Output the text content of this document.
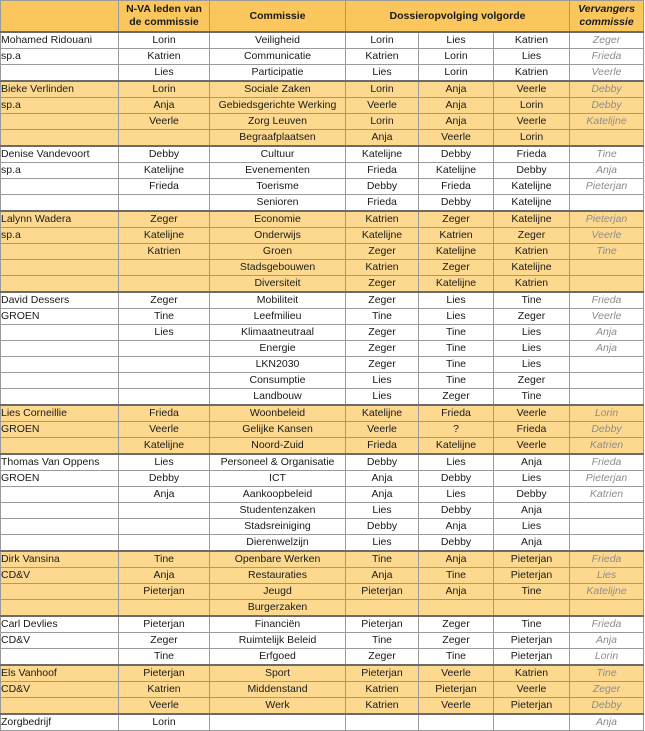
	N-VA leden van de commissie	Commissie	Dossieropvolging volgorde			Vervangers commissie
Mohamed Ridouani	Lorin	Veiligheid	Lorin	Lies	Katrien	Zeger
sp.a	Katrien	Communicatie	Katrien	Lorin	Lies	Frieda
	Lies	Participatie	Lies	Lorin	Katrien	Veerle
Bieke Verlinden	Lorin	Sociale Zaken	Lorin	Anja	Veerle	Debby
sp.a	Anja	Gebiedsgerichte Werking	Veerle	Anja	Lorin	Debby
	Veerle	Zorg Leuven	Lorin	Anja	Veerle	Katelijne
		Begraafplaatsen	Anja	Veerle	Lorin	
Denise Vandevoort	Debby	Cultuur	Katelijne	Debby	Frieda	Tine
sp.a	Katelijne	Evenementen	Frieda	Katelijne	Debby	Anja
	Frieda	Toerisme	Debby	Frieda	Katelijne	Pieterjan
		Senioren	Frieda	Debby	Katelijne	
Lalynn Wadera	Zeger	Economie	Katrien	Zeger	Katelijne	Pieterjan
sp.a	Katelijne	Onderwijs	Katelijne	Katrien	Zeger	Veerle
	Katrien	Groen	Zeger	Katelijne	Katrien	Tine
		Stadsgebouwen	Katrien	Zeger	Katelijne	
		Diversiteit	Zeger	Katelijne	Katrien	
David Dessers	Zeger	Mobiliteit	Zeger	Lies	Tine	Frieda
GROEN	Tine	Leefmilieu	Tine	Lies	Zeger	Veerle
	Lies	Klimaatneutraal	Zeger	Tine	Lies	Anja
		Energie	Zeger	Tine	Lies	Anja
		LKN2030	Zeger	Tine	Lies	
		Consumptie	Lies	Tine	Zeger	
		Landbouw	Lies	Zeger	Tine	
Lies Corneillie	Frieda	Woonbeleid	Katelijne	Frieda	Veerle	Lorin
GROEN	Veerle	Gelijke Kansen	Veerle	?	Frieda	Debby
	Katelijne	Noord-Zuid	Frieda	Katelijne	Veerle	Katrien
Thomas Van Oppens	Lies	Personeel & Organisatie	Debby	Lies	Anja	Frieda
GROEN	Debby	ICT	Anja	Debby	Lies	Pieterjan
	Anja	Aankoopbeleid	Anja	Lies	Debby	Katrien
		Studentenzaken	Lies	Debby	Anja	
		Stadsreiniging	Debby	Anja	Lies	
		Dierenwelzijn	Lies	Debby	Anja	
Dirk Vansina	Tine	Openbare Werken	Tine	Anja	Pieterjan	Frieda
CD&V	Anja	Restauraties	Anja	Tine	Pieterjan	Lies
	Pieterjan	Jeugd	Pieterjan	Anja	Tine	Katelijne
		Burgerzaken				
Carl Devlies	Pieterjan	Financiën	Pieterjan	Zeger	Tine	Frieda
CD&V	Zeger	Ruimtelijk Beleid	Tine	Zeger	Pieterjan	Anja
	Tine	Erfgoed	Zeger	Tine	Pieterjan	Lorin
Els Vanhoof	Pieterjan	Sport	Pieterjan	Veerle	Katrien	Tine
CD&V	Katrien	Middenstand	Katrien	Pieterjan	Veerle	Zeger
	Veerle	Werk	Katrien	Veerle	Pieterjan	Debby
Zorgbedrijf	Lorin					Anja
